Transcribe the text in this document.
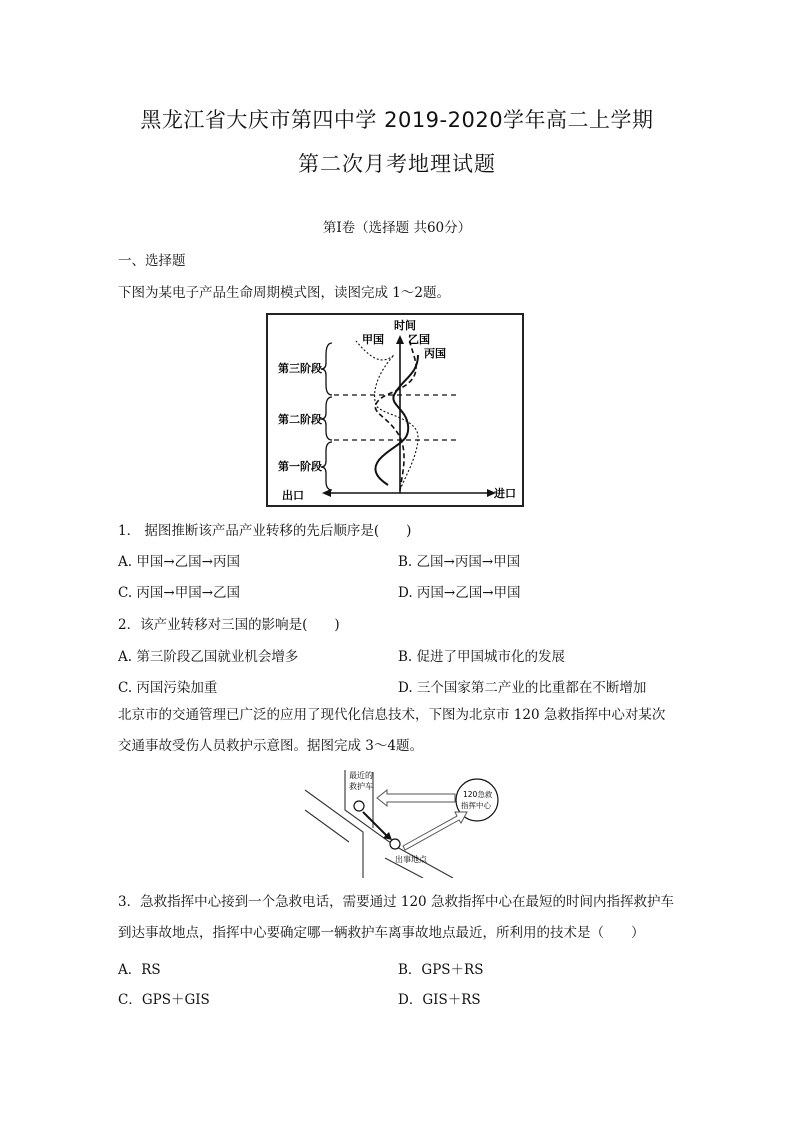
黑龙江省大庆市第四中学 2019-2020学年高二上学期
第二次月考地理试题
第Ⅰ卷（选择题 共60分）
一、选择题
下图为某电子产品生命周期模式图，读图完成 1～2题。
时间
甲国 乙国
丙国
第三阶段
第二阶段
第一阶段
出口	进口
1． 据图推断该产品产业转移的先后顺序是(　　)
A. 甲国→乙国→丙国	B. 乙国→丙国→甲国
C. 丙国→甲国→乙国	D. 丙国→乙国→甲国
2．该产业转移对三国的影响是(　　)
A. 第三阶段乙国就业机会增多	B. 促进了甲国城市化的发展
C. 丙国污染加重	D. 三个国家第二产业的比重都在不断增加
北京市的交通管理已广泛的应用了现代化信息技术，下图为北京市 120 急救指挥中心对某次交通事故受伤人员救护示意图。据图完成 3～4题。
最近的
救护车
120急救
指挥中心
出事地点
3．急救指挥中心接到一个急救电话，需要通过 120 急救指挥中心在最短的时间内指挥救护车到达事故地点，指挥中心要确定哪一辆救护车离事故地点最近，所利用的技术是（　　）
A．RS	B．GPS＋RS
C．GPS＋GIS	D．GIS＋RS
